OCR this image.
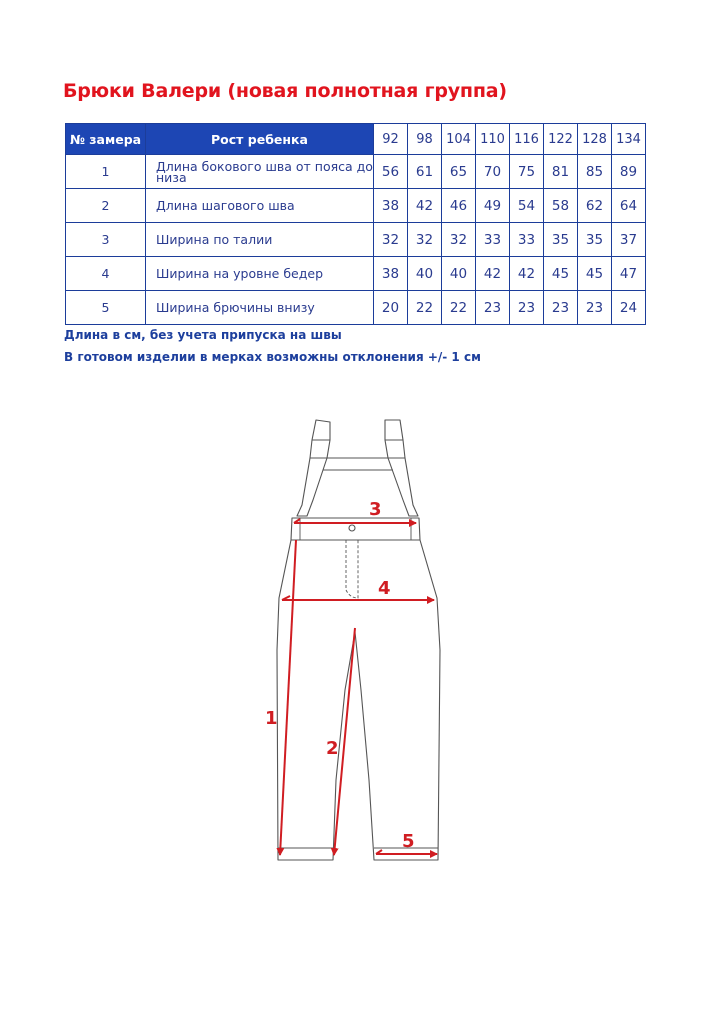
Брюки Валери (новая полнотная группа)
№ замера	Рост ребенка	92	98	104	110	116	122	128	134
1	Длина бокового шва от пояса до низа	56	61	65	70	75	81	85	89
2	Длина шагового шва	38	42	46	49	54	58	62	64
3	Ширина по талии	32	32	32	33	33	35	35	37
4	Ширина на уровне бедер	38	40	40	42	42	45	45	47
5	Ширина брючины внизу	20	22	22	23	23	23	23	24

Длина в см, без учета припуска на швы

В готовом изделии в мерках возможны отклонения +/- 1 см

1
2
3
4
5
